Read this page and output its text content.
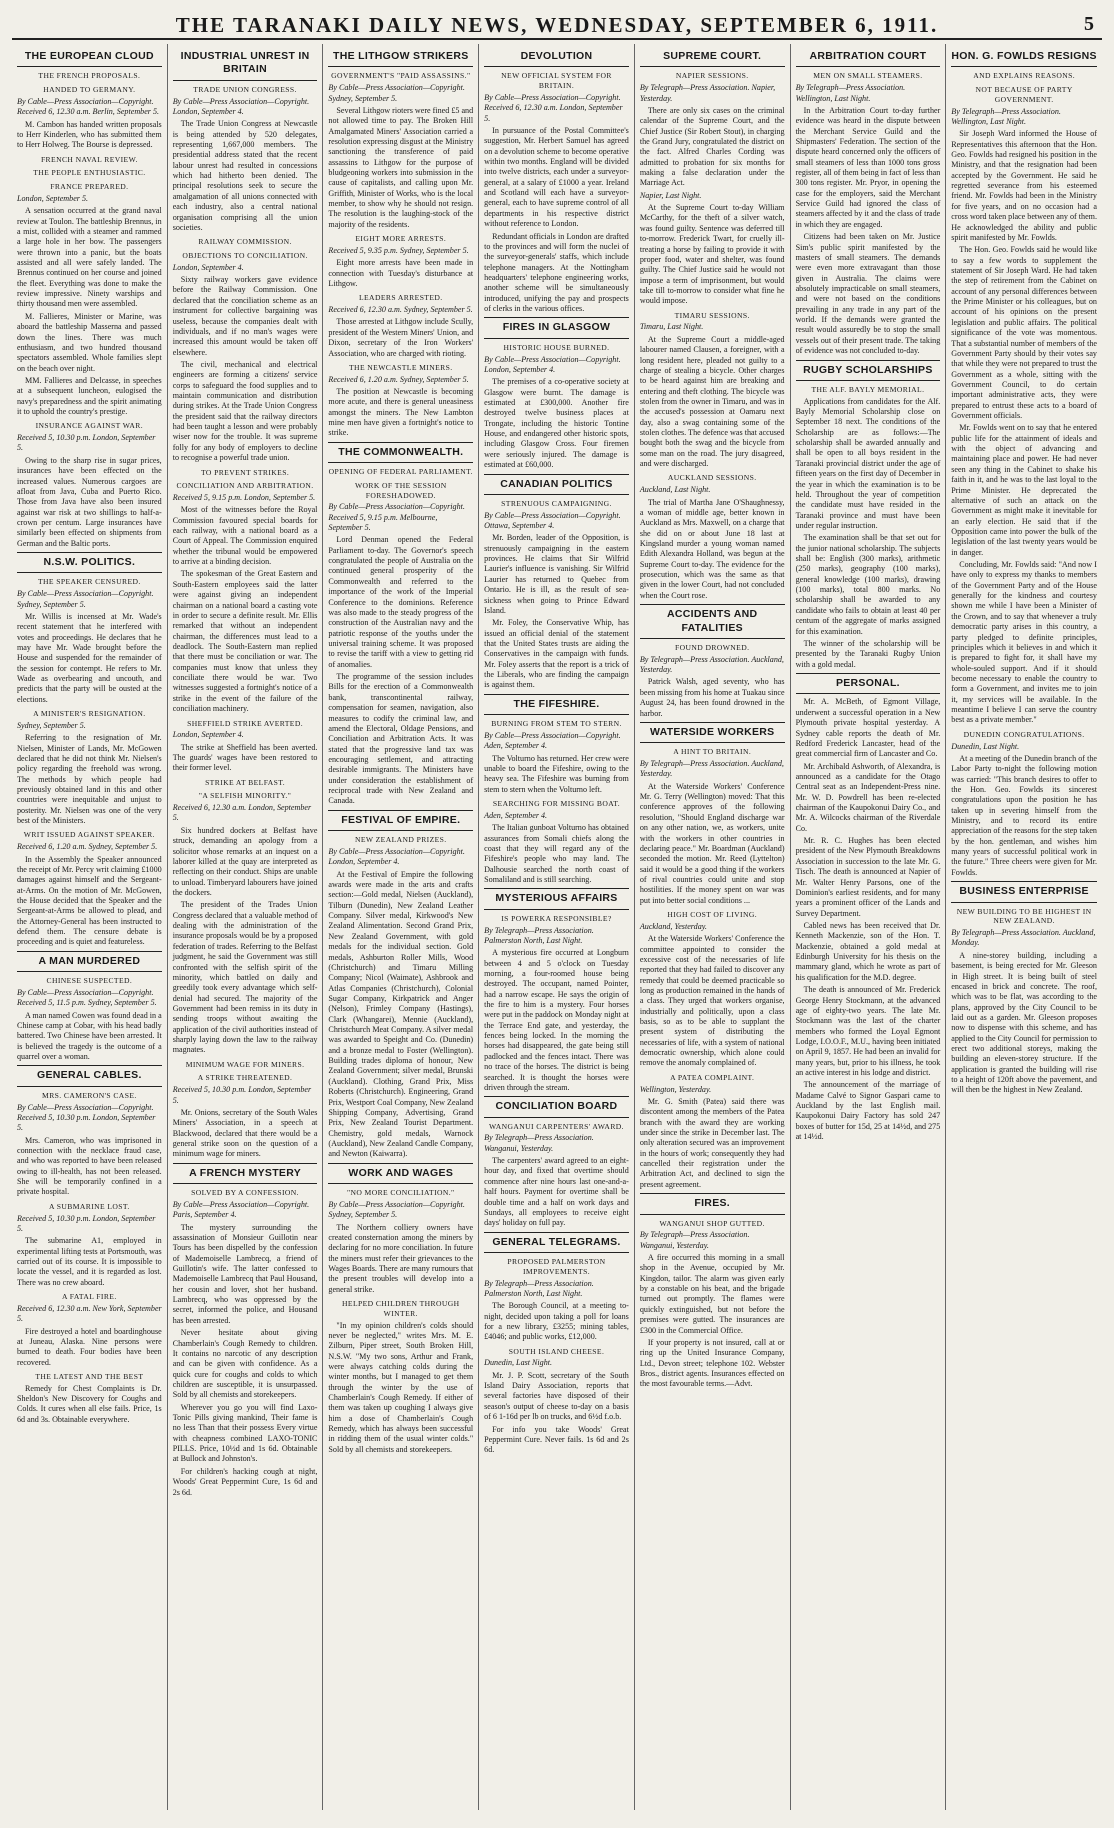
THE TARANAKI DAILY NEWS, WEDNESDAY, SEPTEMBER 6, 1911.	5
THE EUROPEAN CLOUD
THE FRENCH PROPOSALS.
HANDED TO GERMANY.
By Cable—Press Association—Copyright. Received 6, 12.30 a.m. Berlin, September 5.
M. Cambon has handed written proposals to Herr Kinderlen, who has submitted them to Herr Holweg. The Bourse is depressed.
FRENCH NAVAL REVIEW.
THE PEOPLE ENTHUSIASTIC.
FRANCE PREPARED.
London, September 5.
A sensation occurred at the grand naval review at Toulon. The battleship Brennus, in a mist, collided with a steamer and rammed a large hole in her bow. The passengers were thrown into a panic, but the boats assisted and all were safely landed. The Brennus continued on her course and joined the fleet. Everything was done to make the review impressive. Ninety warships and thirty thousand men were assembled.
M. Fallieres, Minister or Marine, was aboard the battleship Masserna and passed down the lines. There was much enthusiasm, and two hundred thousand spectators assembled. Whole families slept on the beach over night.
MM. Fallieres and Delcasse, in speeches at a subsequent luncheon, eulogised the navy's preparedness and the spirit animating it to uphold the country's prestige.
INSURANCE AGAINST WAR.
Received 5, 10.30 p.m. London, September 5.
Owing to the sharp rise in sugar prices, insurances have been effected on the increased values. Numerous cargoes are afloat from Java, Cuba and Puerto Rico. Those from Java have also been insured against war risk at two shillings to half-a-crown per centum. Large insurances have similarly been effected on shipments from German and the Baltic ports.
N.S.W. POLITICS.
THE SPEAKER CENSURED.
By Cable—Press Association—Copyright. Sydney, September 5.
Mr. Willis is incensed at Mr. Wade's recent statement that he interfered with votes and proceedings. He declares that he may have Mr. Wade brought before the House and suspended for the remainder of the session for contempt. He refers to Mr. Wade as overbearing and uncouth, and predicts that the party will be ousted at the elections.
A MINISTER'S RESIGNATION.
Sydney, September 5.
Referring to the resignation of Mr. Nielsen, Minister of Lands, Mr. McGowen declared that he did not think Mr. Nielsen's policy regarding the freehold was wrong. The methods by which people had previously obtained land in this and other countries were inequitable and unjust to posterity. Mr. Nielsen was one of the very best of the Ministers.
WRIT ISSUED AGAINST SPEAKER.
Received 6, 1.20 a.m. Sydney, September 5.
In the Assembly the Speaker announced the receipt of Mr. Percy writ claiming £1000 damages against himself and the Sergeant-at-Arms. On the motion of Mr. McGowen, the House decided that the Speaker and the Sergeant-at-Arms be allowed to plead, and the Attorney-General has been instructed to defend them. The censure debate is proceeding and is quiet and featureless.
A MAN MURDERED
CHINESE SUSPECTED.
By Cable—Press Association—Copyright. Received 5, 11.5 p.m. Sydney, September 5.
A man named Cowen was found dead in a Chinese camp at Cobar, with his head badly battered. Two Chinese have been arrested. It is believed the tragedy is the outcome of a quarrel over a woman.
GENERAL CABLES.
MRS. CAMERON'S CASE.
By Cable—Press Association—Copyright. Received 5, 10.30 p.m. London, September 5.
Mrs. Cameron, who was imprisoned in connection with the necklace fraud case, and who was reported to have been released owing to ill-health, has not been released. She will be temporarily confined in a private hospital.
A SUBMARINE LOST.
Received 5, 10.30 p.m. London, September 5.
The submarine A1, employed in experimental lifting tests at Portsmouth, was carried out of its course. It is impossible to locate the vessel, and it is regarded as lost. There was no crew aboard.
A FATAL FIRE.
Received 6, 12.30 a.m. New York, September 5.
Fire destroyed a hotel and boardinghouse at Juneau, Alaska. Nine persons were burned to death. Four bodies have been recovered.
THE LATEST AND THE BEST
Remedy for Chest Complaints is Dr. Sheldon's New Discovery for Coughs and Colds. It cures when all else fails. Price, 1s 6d and 3s. Obtainable everywhere.
INDUSTRIAL UNREST IN BRITAIN
TRADE UNION CONGRESS.
By Cable—Press Association—Copyright. London, September 4.
The Trade Union Congress at Newcastle is being attended by 520 delegates, representing 1,667,000 members. The presidential address stated that the recent labour unrest had resulted in concessions which had hitherto been denied. The principal resolutions seek to secure the amalgamation of all unions connected with each industry, also a central national organisation comprising all the union societies.
RAILWAY COMMISSION.
OBJECTIONS TO CONCILIATION.
London, September 4.
Sixty railway workers gave evidence before the Railway Commission. One declared that the conciliation scheme as an instrument for collective bargaining was useless, because the companies dealt with individuals, and if no man's wages were increased this amount would be taken off elsewhere.
The civil, mechanical and electrical engineers are forming a citizens' service corps to safeguard the food supplies and to maintain communication and distribution during strikes. At the Trade Union Congress the president said that the railway directors had been taught a lesson and were probably wiser now for the trouble. It was supreme folly for any body of employers to decline to recognise a powerful trade union.
TO PREVENT STRIKES.
CONCILIATION AND ARBITRATION.
Received 5, 9.15 p.m. London, September 5.
Most of the witnesses before the Royal Commission favoured special boards for each railway, with a national board as a Court of Appeal. The Commission enquired whether the tribunal would be empowered to arrive at a binding decision.
The spokesman of the Great Eastern and South-Eastern employees said the latter were against giving an independent chairman on a national board a casting vote in order to secure a definite result. Mr. Ellis remarked that without an independent chairman, the differences must lead to a deadlock. The South-Eastern man replied that there must be conciliation or war. The companies must know that unless they conciliate there would be war. Two witnesses suggested a fortnight's notice of a strike in the event of the failure of the conciliation machinery.
SHEFFIELD STRIKE AVERTED.
London, September 4.
The strike at Sheffield has been averted. The guards' wages have been restored to their former level.
STRIKE AT BELFAST.
"A SELFISH MINORITY."
Received 6, 12.30 a.m. London, September 5.
Six hundred dockers at Belfast have struck, demanding an apology from a solicitor whose remarks at an inquest on a laborer killed at the quay are interpreted as reflecting on their conduct. Ships are unable to unload. Timberyard labourers have joined the dockers.
The president of the Trades Union Congress declared that a valuable method of dealing with the administration of the insurance proposals would be by a proposed federation of trades. Referring to the Belfast judgment, he said the Government was still confronted with the selfish spirit of the minority, which battled on daily and greedily took every advantage which self-denial had secured. The majority of the Government had been remiss in its duty in sending troops without awaiting the application of the civil authorities instead of sharply laying down the law to the railway magnates.
MINIMUM WAGE FOR MINERS.
A STRIKE THREATENED.
Received 5, 10.30 p.m. London, September 5.
Mr. Onions, secretary of the South Wales Miners' Association, in a speech at Blackwood, declared that there would be a general strike soon on the question of a minimum wage for miners.
A FRENCH MYSTERY
SOLVED BY A CONFESSION.
By Cable—Press Association—Copyright. Paris, September 4.
The mystery surrounding the assassination of Monsieur Guillotin near Tours has been dispelled by the confession of Mademoiselle Lambrecq, a friend of Guillotin's wife. The latter confessed to Mademoiselle Lambrecq that Paul Housand, her cousin and lover, shot her husband. Lambrecq, who was oppressed by the secret, informed the police, and Housand has been arrested.
Never hesitate about giving Chamberlain's Cough Remedy to children. It contains no narcotic of any description and can be given with confidence. As a quick cure for coughs and colds to which children are susceptible, it is unsurpassed. Sold by all chemists and storekeepers.
Wherever you go you will find Laxo-Tonic Pills giving mankind, Their fame is no less Than that their possess Every virtue with cheapness combined LAXO-TONIC PILLS. Price, 10½d and 1s 6d. Obtainable at Bullock and Johnston's.
For children's hacking cough at night, Woods' Great Peppermint Cure, 1s 6d and 2s 6d.
THE LITHGOW STRIKERS
GOVERNMENT'S "PAID ASSASSINS."
By Cable—Press Association—Copyright. Sydney, September 5.
Several Lithgow rioters were fined £5 and not allowed time to pay. The Broken Hill Amalgamated Miners' Association carried a resolution expressing disgust at the Ministry sanctioning the transference of paid assassins to Lithgow for the purpose of bludgeoning workers into submission in the cause of capitalists, and calling upon Mr. Griffith, Minister of Works, who is the local member, to show why he should not resign. The resolution is the laughing-stock of the majority of the residents.
EIGHT MORE ARRESTS.
Received 5, 9.35 p.m. Sydney, September 5.
Eight more arrests have been made in connection with Tuesday's disturbance at Lithgow.
LEADERS ARRESTED.
Received 6, 12.30 a.m. Sydney, September 5.
Those arrested at Lithgow include Scully, president of the Western Miners' Union, and Dixon, secretary of the Iron Workers' Association, who are charged with rioting.
THE NEWCASTLE MINERS.
Received 6, 1.20 a.m. Sydney, September 5.
The position at Newcastle is becoming more acute, and there is general uneasiness amongst the miners. The New Lambton mine men have given a fortnight's notice to strike.
THE COMMONWEALTH.
OPENING OF FEDERAL PARLIAMENT.
WORK OF THE SESSION FORESHADOWED.
By Cable—Press Association—Copyright. Received 5, 9.15 p.m. Melbourne, September 5.
Lord Denman opened the Federal Parliament to-day. The Governor's speech congratulated the people of Australia on the continued general prosperity of the Commonwealth and referred to the importance of the work of the Imperial Conference to the dominions. Reference was also made to the steady progress of the construction of the Australian navy and the patriotic response of the youths under the universal training scheme. It was proposed to revise the tariff with a view to getting rid of anomalies.
The programme of the session includes Bills for the erection of a Commonwealth bank, transcontinental railway, compensation for seamen, navigation, also measures to codify the criminal law, and amend the Electoral, Oldage Pensions, and Conciliation and Arbitration Acts. It was stated that the progressive land tax was encouraging settlement, and attracting desirable immigrants. The Ministers have under consideration the establishment of reciprocal trade with New Zealand and Canada.
FESTIVAL OF EMPIRE.
NEW ZEALAND PRIZES.
By Cable—Press Association—Copyright. London, September 4.
At the Festival of Empire the following awards were made in the arts and crafts section:—Gold medal, Nielsen (Auckland), Tilburn (Dunedin), New Zealand Leather Company. Silver medal, Kirkwood's New Zealand Alimentation. Second Grand Prix, New Zealand Government, with gold medals for the individual section. Gold medals, Ashburton Roller Mills, Wood (Christchurch) and Timaru Milling Company; Nicol (Waimate), Ashbrook and Atlas Companies (Christchurch), Colonial Sugar Company, Kirkpatrick and Anger (Nelson), Frimley Company (Hastings), Clark (Whangarei), Mennie (Auckland), Christchurch Meat Company. A silver medal was awarded to Speight and Co. (Dunedin) and a bronze medal to Foster (Wellington). Building trades diploma of honour, New Zealand Government; silver medal, Brunski (Auckland). Clothing, Grand Prix, Miss Roberts (Christchurch). Engineering, Grand Prix, Westport Coal Company, New Zealand Shipping Company, Advertising, Grand Prix, New Zealand Tourist Department. Chemistry, gold medals, Warnock (Auckland), New Zealand Candle Company, and Newton (Kaiwarra).
WORK AND WAGES
"NO MORE CONCILIATION."
By Cable—Press Association—Copyright. Sydney, September 5.
The Northern colliery owners have created consternation among the miners by declaring for no more conciliation. In future the miners must refer their grievances to the Wages Boards. There are many rumours that the present troubles will develop into a general strike.
HELPED CHILDREN THROUGH WINTER.
"In my opinion children's colds should never be neglected," writes Mrs. M. E. Zilburn, Piper street, South Broken Hill, N.S.W. "My two sons, Arthur and Frank, were always catching colds during the winter months, but I managed to get them through the winter by the use of Chamberlain's Cough Remedy. If either of them was taken up coughing I always give him a dose of Chamberlain's Cough Remedy, which has always been successful in ridding them of the usual winter colds." Sold by all chemists and storekeepers.
DEVOLUTION
NEW OFFICIAL SYSTEM FOR BRITAIN.
By Cable—Press Association—Copyright. Received 6, 12.30 a.m. London, September 5.
In pursuance of the Postal Committee's suggestion, Mr. Herbert Samuel has agreed on a devolution scheme to become operative within two months. England will be divided into twelve districts, each under a surveyor-general, at a salary of £1000 a year. Ireland and Scotland will each have a surveyor-general, each to have supreme control of all departments in his respective district without reference to London.
Redundant officials in London are drafted to the provinces and will form the nuclei of the surveyor-generals' staffs, which include telephone managers. At the Nottingham headquarters' telephone engineering works, another scheme will be simultaneously introduced, unifying the pay and prospects of clerks in the various offices.
FIRES IN GLASGOW
HISTORIC HOUSE BURNED.
By Cable—Press Association—Copyright. London, September 4.
The premises of a co-operative society at Glasgow were burnt. The damage is estimated at £300,000. Another fire destroyed twelve business places at Trongate, including the historic Tontine House, and endangered other historic spots, including Glasgow Cross. Four firemen were seriously injured. The damage is estimated at £60,000.
CANADIAN POLITICS
STRENUOUS CAMPAIGNING.
By Cable—Press Association—Copyright. Ottawa, September 4.
Mr. Borden, leader of the Opposition, is strenuously campaigning in the eastern provinces. He claims that Sir Wilfrid Laurier's influence is vanishing. Sir Wilfrid Laurier has returned to Quebec from Ontario. He is ill, as the result of sea-sickness when going to Prince Edward Island.
Mr. Foley, the Conservative Whip, has issued an official denial of the statement that the United States trusts are aiding the Conservatives in the campaign with funds. Mr. Foley asserts that the report is a trick of the Liberals, who are finding the campaign is against them.
THE FIFESHIRE.
BURNING FROM STEM TO STERN.
By Cable—Press Association—Copyright. Aden, September 4.
The Volturno has returned. Her crew were unable to board the Fifeshire, owing to the heavy sea. The Fifeshire was burning from stem to stern when the Volturno left.
SEARCHING FOR MISSING BOAT.
Aden, September 4.
The Italian gunboat Volturno has obtained assurances from Somali chiefs along the coast that they will regard any of the Fifeshire's people who may land. The Dalhousie searched the north coast of Somaliland and is still searching.
MYSTERIOUS AFFAIRS
IS POWERKA RESPONSIBLE?
By Telegraph—Press Association. Palmerston North, Last Night.
A mysterious fire occurred at Longburn between 4 and 5 o'clock on Tuesday morning, a four-roomed house being destroyed. The occupant, named Pointer, had a narrow escape. He says the origin of the fire to him is a mystery. Four horses were put in the paddock on Monday night at the Terrace End gate, and yesterday, the fences being locked. In the morning the horses had disappeared, the gate being still padlocked and the fences intact. There was no trace of the horses. The district is being searched. It is thought the horses were driven through the stream.
CONCILIATION BOARD
WANGANUI CARPENTERS' AWARD.
By Telegraph—Press Association. Wanganui, Yesterday.
The carpenters' award agreed to an eight-hour day, and fixed that overtime should commence after nine hours last one-and-a-half hours. Payment for overtime shall be double time and a half on work days and Sundays, all employees to receive eight days' holiday on full pay.
GENERAL TELEGRAMS.
PROPOSED PALMERSTON IMPROVEMENTS.
By Telegraph—Press Association. Palmerston North, Last Night.
The Borough Council, at a meeting to-night, decided upon taking a poll for loans for a new library, £3255; mining tables, £4046; and public works, £12,000.
SOUTH ISLAND CHEESE.
Dunedin, Last Night.
Mr. J. P. Scott, secretary of the South Island Dairy Association, reports that several factories have disposed of their season's output of cheese to-day on a basis of 6 1-16d per lb on trucks, and 6½d f.o.b.
For info you take Woods' Great Peppermint Cure. Never fails. 1s 6d and 2s 6d.
SUPREME COURT.
NAPIER SESSIONS.
By Telegraph—Press Association. Napier, Yesterday.
There are only six cases on the criminal calendar of the Supreme Court, and the Chief Justice (Sir Robert Stout), in charging the Grand Jury, congratulated the district on the fact. Alfred Charles Cording was admitted to probation for six months for making a false declaration under the Marriage Act.
Napier, Last Night.
At the Supreme Court to-day William McCarthy, for the theft of a silver watch, was found guilty. Sentence was deferred till to-morrow. Frederick Twart, for cruelly ill-treating a horse by failing to provide it with proper food, water and shelter, was found guilty. The Chief Justice said he would not impose a term of imprisonment, but would take till to-morrow to consider what fine he would impose.
TIMARU SESSIONS.
Timaru, Last Night.
At the Supreme Court a middle-aged labourer named Clausen, a foreigner, with a long resident here, pleaded not guilty to a charge of stealing a bicycle. Other charges to be heard against him are breaking and entering and theft clothing. The bicycle was stolen from the owner in Timaru, and was in the accused's possession at Oamaru next day, also a swag containing some of the stolen clothes. The defence was that accused bought both the swag and the bicycle from some man on the road. The jury disagreed, and were discharged.
AUCKLAND SESSIONS.
Auckland, Last Night.
The trial of Martha Jane O'Shaughnessy, a woman of middle age, better known in Auckland as Mrs. Maxwell, on a charge that she did on or about June 18 last at Kingsland murder a young woman named Edith Alexandra Holland, was begun at the Supreme Court to-day. The evidence for the prosecution, which was the same as that given in the lower Court, had not concluded when the Court rose.
ACCIDENTS AND FATALITIES
FOUND DROWNED.
By Telegraph—Press Association. Auckland, Yesterday.
Patrick Walsh, aged seventy, who has been missing from his home at Tuakau since August 24, has been found drowned in the harbor.
WATERSIDE WORKERS
A HINT TO BRITAIN.
By Telegraph—Press Association. Auckland, Yesterday.
At the Waterside Workers' Conference Mr. G. Terry (Wellington) moved: That this conference approves of the following resolution, "Should England discharge war on any other nation, we, as workers, unite with the workers in other countries in declaring peace." Mr. Boardman (Auckland) seconded the motion. Mr. Reed (Lyttelton) said it would be a good thing if the workers of rival countries could unite and stop hostilities. If the money spent on war was put into better social conditions ...
HIGH COST OF LIVING.
Auckland, Yesterday.
At the Waterside Workers' Conference the committee appointed to consider the excessive cost of the necessaries of life reported that they had failed to discover any remedy that could be deemed practicable so long as production remained in the hands of a class. They urged that workers organise, industrially and politically, upon a class basis, so as to be able to supplant the present system of distributing the necessaries of life, with a system of national democratic ownership, which alone could remove the anomaly complained of.
A PATEA COMPLAINT.
Wellington, Yesterday.
Mr. G. Smith (Patea) said there was discontent among the members of the Patea branch with the award they are working under since the strike in December last. The only alteration secured was an improvement in the hours of work; consequently they had cancelled their registration under the Arbitration Act, and declined to sign the present agreement.
FIRES.
WANGANUI SHOP GUTTED.
By Telegraph—Press Association. Wanganui, Yesterday.
A fire occurred this morning in a small shop in the Avenue, occupied by Mr. Kingdon, tailor. The alarm was given early by a constable on his beat, and the brigade turned out promptly. The flames were quickly extinguished, but not before the premises were gutted. The insurances are £300 in the Commercial Office.
If your property is not insured, call at or ring up the United Insurance Company, Ltd., Devon street; telephone 102. Webster Bros., district agents. Insurances effected on the most favourable terms.—Advt.
ARBITRATION COURT
MEN ON SMALL STEAMERS.
By Telegraph—Press Association. Wellington, Last Night.
In the Arbitration Court to-day further evidence was heard in the dispute between the Merchant Service Guild and the Shipmasters' Federation. The section of the dispute heard concerned only the officers of small steamers of less than 1000 tons gross register, all of them being in fact of less than 300 tons register. Mr. Pryor, in opening the case for the employers, said the Merchant Service Guild had ignored the class of steamers affected by it and the class of trade in which they are engaged.
Citizens had been taken on Mr. Justice Sim's public spirit manifested by the masters of small steamers. The demands were even more extravagant than those given in Australia. The claims were absolutely impracticable on small steamers, and were not based on the conditions prevailing in any trade in any part of the world. If the demands were granted the result would assuredly be to stop the small vessels out of their present trade. The taking of evidence was not concluded to-day.
RUGBY SCHOLARSHIPS
THE ALF. BAYLY MEMORIAL.
Applications from candidates for the Alf. Bayly Memorial Scholarship close on September 18 next. The conditions of the Scholarship are as follows:—The scholarship shall be awarded annually and shall be open to all boys resident in the Taranaki provincial district under the age of fifteen years on the first day of December in the year in which the examination is to be held. Throughout the year of competition the candidate must have resided in the Taranaki province and must have been under regular instruction.
The examination shall be that set out for the junior national scholarship. The subjects shall be: English (300 marks), arithmetic (250 marks), geography (100 marks), general knowledge (100 marks), drawing (100 marks), total 800 marks. No scholarship shall be awarded to any candidate who fails to obtain at least 40 per centum of the aggregate of marks assigned for this examination.
The winner of the scholarship will be presented by the Taranaki Rugby Union with a gold medal.
PERSONAL.
Mr. A. McBeth, of Egmont Village, underwent a successful operation in a New Plymouth private hospital yesterday. A Sydney cable reports the death of Mr. Redford Frederick Lancaster, head of the great commercial firm of Lancaster and Co.
Mr. Archibald Ashworth, of Alexandra, is announced as a candidate for the Otago Central seat as an Independent-Press nine. Mr. W. D. Powdrell has been re-elected chairman of the Kaupokonui Dairy Co., and Mr. A. Wilcocks chairman of the Riverdale Co.
Mr. R. C. Hughes has been elected president of the New Plymouth Breakdowns Association in succession to the late Mr. G. Tisch. The death is announced at Napier of Mr. Walter Henry Parsons, one of the Dominion's earliest residents, and for many years a prominent officer of the Lands and Survey Department.
Cabled news has been received that Dr. Kenneth Mackenzie, son of the Hon. T. Mackenzie, obtained a gold medal at Edinburgh University for his thesis on the mammary gland, which he wrote as part of his qualification for the M.D. degree.
The death is announced of Mr. Frederick George Henry Stockmann, at the advanced age of eighty-two years. The late Mr. Stockmann was the last of the charter members who formed the Loyal Egmont Lodge, I.O.O.F., M.U., having been initiated on April 9, 1857. He had been an invalid for many years, but, prior to his illness, he took an active interest in his lodge and district.
The announcement of the marriage of Madame Calvé to Signor Gaspari came to Auckland by the last English mail. Kaupokonui Dairy Factory has sold 247 boxes of butter for 15d, 25 at 14½d, and 275 at 14½d.
HON. G. FOWLDS RESIGNS
AND EXPLAINS REASONS.
NOT BECAUSE OF PARTY GOVERNMENT.
By Telegraph—Press Association. Wellington, Last Night.
Sir Joseph Ward informed the House of Representatives this afternoon that the Hon. Geo. Fowlds had resigned his position in the Ministry, and that the resignation had been accepted by the Government. He said he regretted severance from his esteemed friend. Mr. Fowlds had been in the Ministry for five years, and on no occasion had a cross word taken place between any of them. He acknowledged the ability and public spirit manifested by Mr. Fowlds.
The Hon. Geo. Fowlds said he would like to say a few words to supplement the statement of Sir Joseph Ward. He had taken the step of retirement from the Cabinet on account of any personal differences between the Prime Minister or his colleagues, but on account of his opinions on the present legislation and public affairs. The political significance of the vote was momentous. That a substantial number of members of the Government Party should by their votes say that while they were not prepared to trust the Government as a whole, sitting with the Government Council, to do certain important administrative acts, they were prepared to entrust these acts to a board of Government officials.
Mr. Fowlds went on to say that he entered public life for the attainment of ideals and with the object of advancing and maintaining place and power. He had never seen any thing in the Cabinet to shake his faith in it, and he was to the last loyal to the Prime Minister. He deprecated the alternative of such an attack on the Government as might make it inevitable for an early election. He said that if the Opposition came into power the bulk of the legislation of the last twenty years would be in danger.
Concluding, Mr. Fowlds said: "And now I have only to express my thanks to members of the Government Party and of the House generally for the kindness and courtesy shown me while I have been a Minister of the Crown, and to say that whenever a truly democratic party arises in this country, a party pledged to definite principles, principles which it believes in and which it is prepared to fight for, it shall have my whole-souled support. And if it should become necessary to enable the country to form a Government, and invites me to join it, my services will be available. In the meantime I believe I can serve the country best as a private member."
DUNEDIN CONGRATULATIONS.
Dunedin, Last Night.
At a meeting of the Dunedin branch of the Labor Party to-night the following motion was carried: "This branch desires to offer to the Hon. Geo. Fowlds its sincerest congratulations upon the position he has taken up in severing himself from the Ministry, and to record its entire appreciation of the reasons for the step taken by the hon. gentleman, and wishes him many years of successful political work in the future." Three cheers were given for Mr. Fowlds.
BUSINESS ENTERPRISE
NEW BUILDING TO BE HIGHEST IN NEW ZEALAND.
By Telegraph—Press Association. Auckland, Monday.
A nine-storey building, including a basement, is being erected for Mr. Gleeson in High street. It is being built of steel encased in brick and concrete. The roof, which was to be flat, was according to the plans, approved by the City Council to be laid out as a garden. Mr. Gleeson proposes now to dispense with this scheme, and has applied to the City Council for permission to erect two additional storeys, making the building an eleven-storey structure. If the application is granted the building will rise to a height of 120ft above the pavement, and will then be the highest in New Zealand.
